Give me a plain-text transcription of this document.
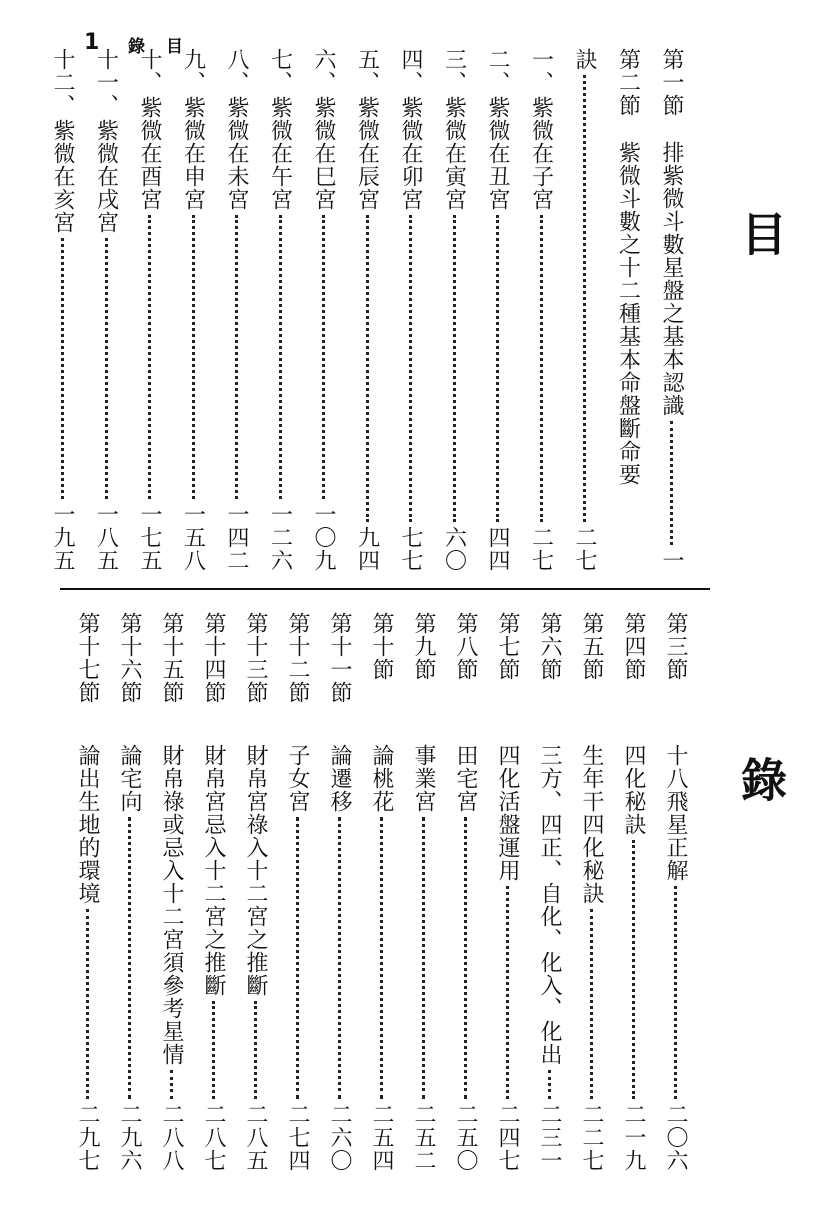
目
錄
1 錄　目
第一節
排紫微斗數星盤之基本認識
一
第二節
紫微斗數之十二種基本命盤斷命要
訣
二七
一、
紫微在子宮
二七
二、
紫微在丑宮
四四
三、
紫微在寅宮
六〇
四、
紫微在卯宮
七七
五、
紫微在辰宮
九四
六、
紫微在巳宮
一〇九
七、
紫微在午宮
一二六
八、
紫微在未宮
一四二
九、
紫微在申宮
一五八
十、
紫微在酉宮
一七五
十一、
紫微在戌宮
一八五
十二、
紫微在亥宮
一九五
第三節
十八飛星正解
二〇六
第四節
四化秘訣
二一九
第五節
生年干四化秘訣
二二七
第六節
三方、四正、自化、化入、化出
二三一
第七節
四化活盤運用
二四七
第八節
田宅宮
二五〇
第九節
事業宮
二五二
第十節
論桃花
二五四
第十一節
論遷移
二六〇
第十二節
子女宮
二七四
第十三節
財帛宮祿入十二宮之推斷
二八五
第十四節
財帛宮忌入十二宮之推斷
二八七
第十五節
財帛祿或忌入十二宮須參考星情
二八八
第十六節
論宅向
二九六
第十七節
論出生地的環境
二九七
